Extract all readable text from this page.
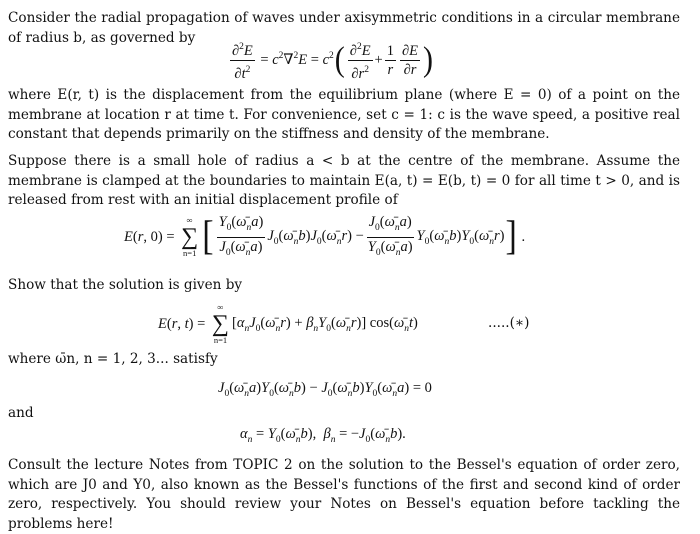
Consider the radial propagation of waves under axisymmetric conditions in a circular membrane of radius b, as governed by

$\frac{\partial^2E}{\partial t^2} = c^2\nabla^2E = c^2$ ( $\frac{\partial^2E}{\partial r^2} + \frac{1}{r} \frac{\partial E}{\partial r}$ )

where E(r, t) is the displacement from the equilibrium plane (where E = 0) of a point on the membrane at location r at time t. For convenience, set c = 1: c is the wave speed, a positive real constant that depends primarily on the stiffness and density of the membrane.

Suppose there is a small hole of radius a < b at the centre of the membrane. Assume the membrane is clamped at the boundaries to maintain E(a, t) = E(b, t) = 0 for all time t > 0, and is released from rest with an initial displacement profile of

E(r, 0) =
∞
∑
n=1 [ $\frac{Y_0(\omegā_na)}{J_0(\omegā_na)}$ $J_0(\omegā_nb)J_0(\omegā_nr) - \frac{J_0(\omegā_na)}{Y_0(\omegā_na)}$ $Y_0(\omegā_nb)Y_0(\omegā_nr)$ ] .

Show that the solution is given by

E(r, t) =
∞
∑
n=1
[$\alpha_nJ_0(\omegā_nr)$ + $\beta_nY_0(\omegā_nr)$] $\cos(\omegā_nt)$	.....(∗)
where ω̄n, n = 1, 2, 3... satisfy
$J_0(\omegā_na)Y_0(\omegā_nb)$ − $J_0(\omegā_nb)Y_0(\omegā_na) = 0$
and
$\alpha_n$ = $Y_0(\omegā_nb)$,  $\beta_n$ = $-J_0(\omegā_nb)$.

Consult the lecture Notes from TOPIC 2 on the solution to the Bessel's equation of order zero, which are J0 and Y0, also known as the Bessel's functions of the first and second kind of order zero, respectively. You should review your Notes on Bessel's equation before tackling the problems here!
